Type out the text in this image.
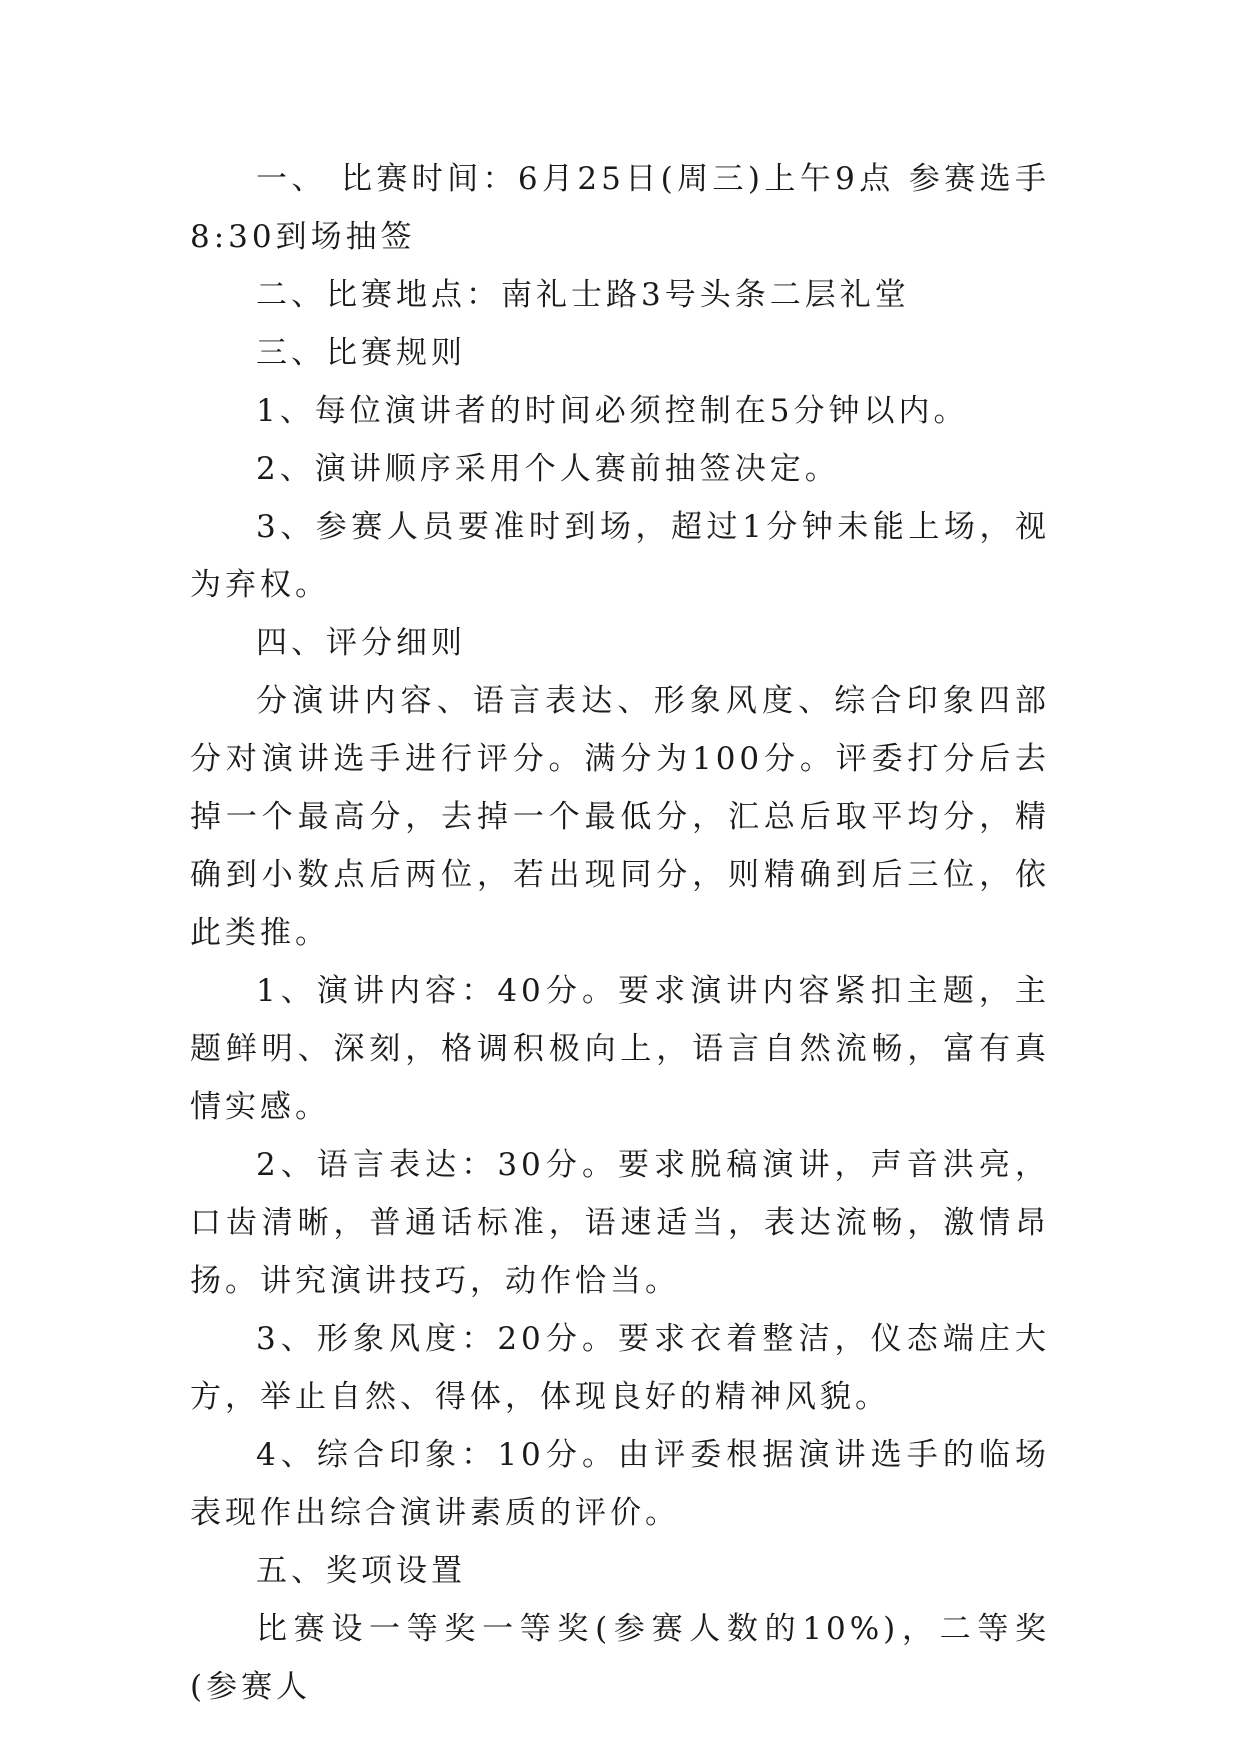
一、 比赛时间：6月25日(周三)上午9点 参赛选手8:30到场抽签

二、比赛地点：南礼士路3号头条二层礼堂

三、比赛规则

1、每位演讲者的时间必须控制在5分钟以内。

2、演讲顺序采用个人赛前抽签决定。

3、参赛人员要准时到场，超过1分钟未能上场，视为弃权。

四、评分细则

分演讲内容、语言表达、形象风度、综合印象四部分对演讲选手进行评分。满分为100分。评委打分后去掉一个最高分，去掉一个最低分，汇总后取平均分，精确到小数点后两位，若出现同分，则精确到后三位，依此类推。

1、演讲内容：40分。要求演讲内容紧扣主题，主题鲜明、深刻，格调积极向上，语言自然流畅，富有真情实感。

2、语言表达：30分。要求脱稿演讲，声音洪亮，口齿清晰，普通话标准，语速适当，表达流畅，激情昂扬。讲究演讲技巧，动作恰当。

3、形象风度：20分。要求衣着整洁，仪态端庄大方，举止自然、得体，体现良好的精神风貌。

4、综合印象：10分。由评委根据演讲选手的临场表现作出综合演讲素质的评价。

五、奖项设置

比赛设一等奖一等奖(参赛人数的10%)，二等奖(参赛人
